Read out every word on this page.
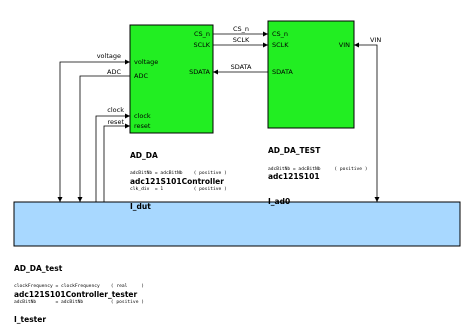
CS_n
SCLK
SDATA
voltage
ADC
clock
reset
VIN
CS_n
SCLK
SDATA
voltage
ADC
clock
reset
CS_n
SCLK
SDATA
VIN

AD_DA

adc121S101Controller

I_dut

adcBitNb = adcBitNb    ( positive )

clk_div  = 1           ( positive )

AD_DA_TEST

adc121S101

I_ad0

adcBitNb = adcBitNb     ( positive )

AD_DA_test

adc121S101Controller_tester

I_tester

clockFrequency = clockFrequency    ( real     )

adcBitNb       = adcBitNb          ( positive )
